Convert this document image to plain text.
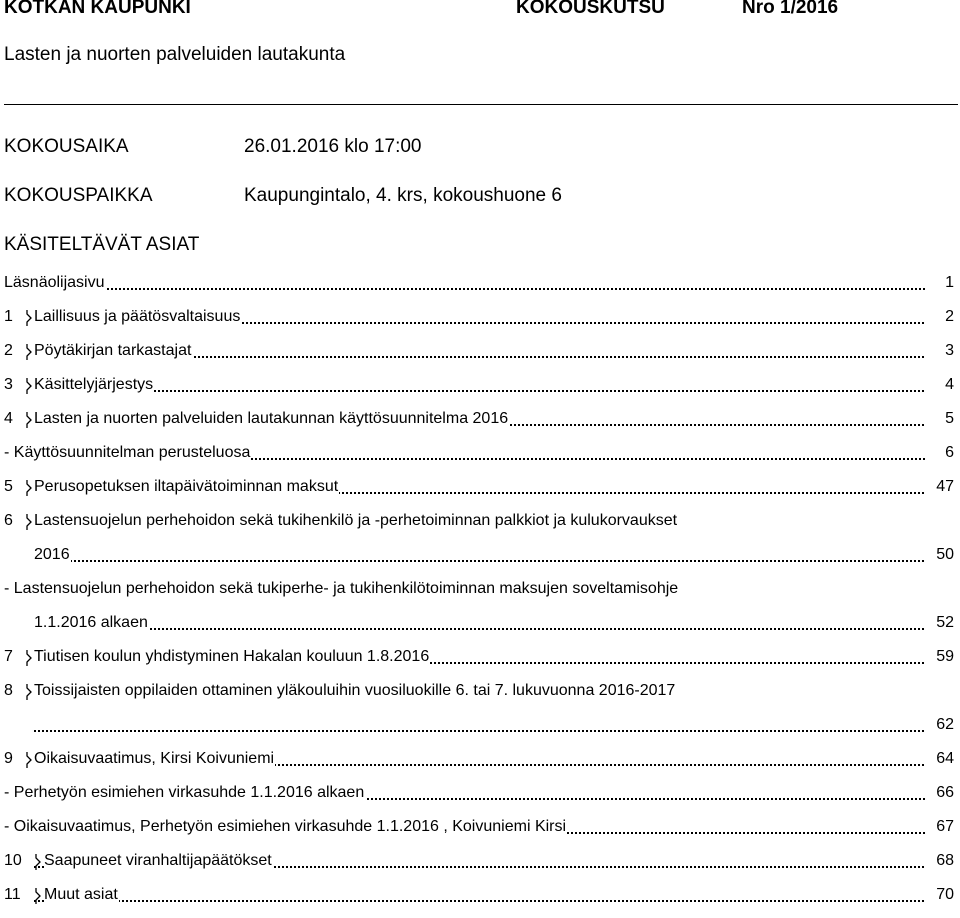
KOTKAN KAUPUNKI	KOKOUSKUTSU	Nro 1/2016
Lasten ja nuorten palveluiden lautakunta
KOKOUSAIKA	26.01.2016 klo 17:00
KOKOUSPAIKKA	Kaupungintalo, 4. krs, kokoushuone 6
KÄSITELTÄVÄT ASIAT
Läsnäolijasivu	1
1 Laillisuus ja päätösvaltaisuus	2
2 Pöytäkirjan tarkastajat	3
3 Käsittelyjärjestys	4
4 Lasten ja nuorten palveluiden lautakunnan käyttösuunnitelma 2016	5
- Käyttösuunnitelman perusteluosa	6
5 Perusopetuksen iltapäivätoiminnan maksut	47
6 Lastensuojelun perhehoidon sekä tukihenkilö ja -perhetoiminnan palkkiot ja kulukorvaukset
2016	50
- Lastensuojelun perhehoidon sekä tukiperhe- ja tukihenkilötoiminnan maksujen soveltamisohje
1.1.2016 alkaen	52
7 Tiutisen koulun yhdistyminen Hakalan kouluun 1.8.2016	59
8 Toissijaisten oppilaiden ottaminen yläkouluihin vuosiluokille 6. tai 7. lukuvuonna 2016-2017
62
9 Oikaisuvaatimus, Kirsi Koivuniemi	64
- Perhetyön esimiehen virkasuhde 1.1.2016 alkaen	66
- Oikaisuvaatimus, Perhetyön esimiehen virkasuhde 1.1.2016 , Koivuniemi Kirsi	67
10 Saapuneet viranhaltijapäätökset	68
11 Muut asiat	70
